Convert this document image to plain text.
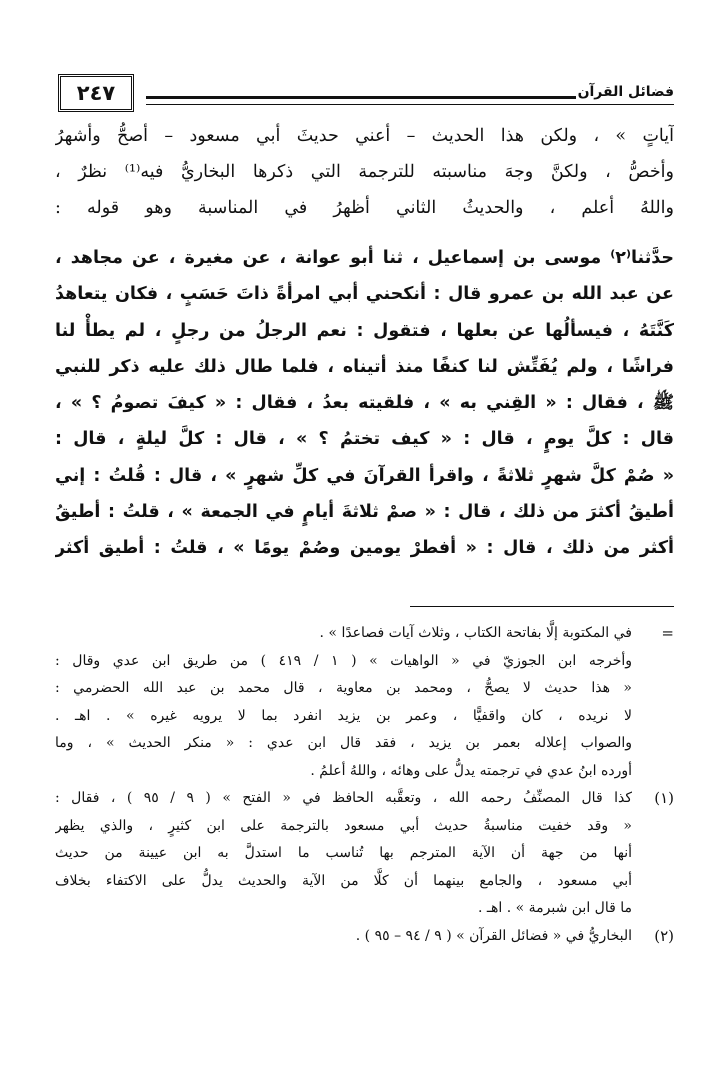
٢٤٧	فضائل القرآن
آياتٍ » ، ولكن هذا الحديث – أعني حديثَ أبي مسعود – أصحُّ وأشهرُ
وأخصُّ ، ولكنَّ وجهَ مناسبته للترجمة التي ذكرها البخاريُّ فيه⁽¹⁾ نظرٌ ،
واللهُ أعلم ، والحديثُ الثاني أظهرُ في المناسبة وهو قوله :
حدَّثنا⁽٢⁾ موسى بن إسماعيل ، ثنا أبو عوانة ، عن مغيرة ، عن مجاهد ،
عن عبد الله بن عمرو قال : أنكحني أبي امرأةً ذاتَ حَسَبٍ ، فكان يتعاهدُ
كَنَّتَهُ ، فيسألُها عن بعلها ، فتقول : نعم الرجلُ من رجلٍ ، لم يطأْ لنا
فراشًا ، ولم يُفَتِّش لنا كنفًا منذ أتيناه ، فلما طال ذلك عليه ذكر للنبي
ﷺ ، فقال : « القِني به » ، فلقيته بعدُ ، فقال : « كيفَ تصومُ ؟ » ،
قال : كلَّ يومٍ ، قال : « كيف تختمُ ؟ » ، قال : كلَّ ليلةٍ ، قال :
« صُمْ كلَّ شهرٍ ثلاثةً ، واقرأ القرآنَ في كلِّ شهرٍ » ، قال : قُلتُ : إني
أطيقُ أكثرَ من ذلك ، قال : « صمْ ثلاثةَ أيامٍ في الجمعة » ، قلتُ : أطيقُ
أكثر من ذلك ، قال : « أفطرْ يومين وصُمْ يومًا » ، قلتُ : أطيق أكثر
=
في المكتوبة إلَّا بفاتحة الكتاب ، وثلاث آيات فصاعدًا » .
وأخرجه ابن الجوزيّ في « الواهيات » ( ١ / ٤١٩ ) من طريق ابن عدي وقال :
« هذا حديث لا يصحُّ ، ومحمد بن معاوية ، قال محمد بن عبد الله الحضرمي :
لا نريده ، كان واقفيًّا ، وعمر بن يزيد انفرد بما لا يرويه غيره » . اهـ .
والصواب إعلاله بعمر بن يزيد ، فقد قال ابن عدي : « منكر الحديث » ، وما
أورده ابنُ عدي في ترجمته يدلُّ على وهائه ، واللهُ أعلمُ .
(١)
كذا قال المصنِّفُ رحمه الله ، وتعقَّبه الحافظ في « الفتح » ( ٩ / ٩٥ ) ، فقال :
« وقد خفيت مناسبةُ حديث أبي مسعود بالترجمة على ابن كثيرٍ ، والذي يظهر
أنها من جهة أن الآية المترجم بها تُناسب ما استدلَّ به ابن عيينة من حديث
أبي مسعود ، والجامع بينهما أن كلًّا من الآية والحديث يدلُّ على الاكتفاء بخلاف
ما قال ابن شبرمة » . اهـ .
(٢)
البخاريُّ في « فضائل القرآن » ( ٩ / ٩٤ – ٩٥ ) .
